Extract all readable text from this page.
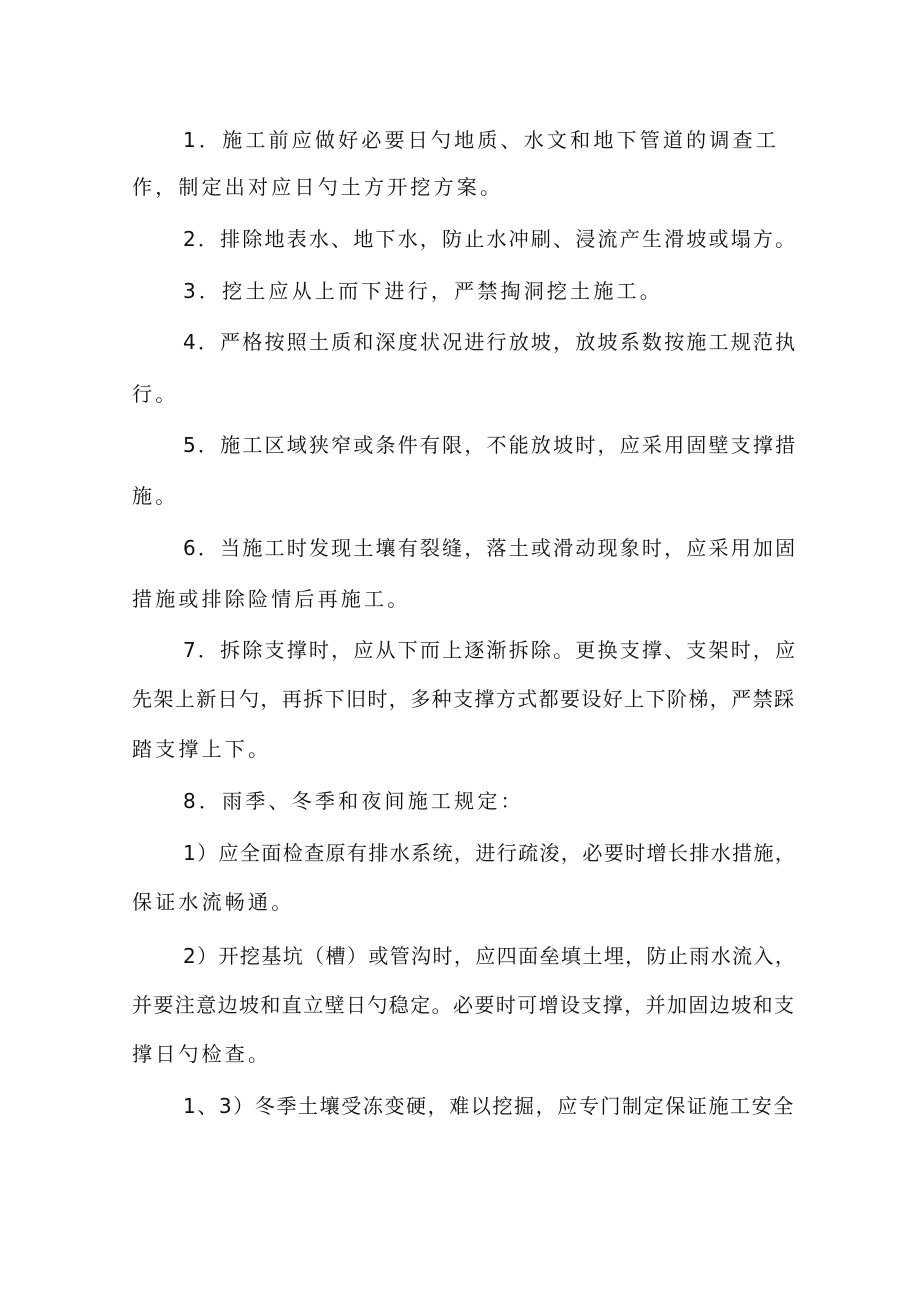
1．施工前应做好必要日勺地质、水文和地下管道的调查工

作，制定出对应日勺土方开挖方案。

2．排除地表水、地下水，防止水冲刷、浸流产生滑坡或塌方。

3．挖土应从上而下进行，严禁掏洞挖土施工。

4．严格按照土质和深度状况进行放坡，放坡系数按施工规范执

行。

5．施工区域狭窄或条件有限，不能放坡时，应采用固壁支撑措

施。

6．当施工时发现土壤有裂缝，落土或滑动现象时，应采用加固

措施或排除险情后再施工。

7．拆除支撑时，应从下而上逐渐拆除。更换支撑、支架时，应

先架上新日勺，再拆下旧时，多种支撑方式都要设好上下阶梯，严禁踩

踏支撑上下。

8．雨季、冬季和夜间施工规定：

1）应全面检查原有排水系统，进行疏浚，必要时增长排水措施，

保证水流畅通。

2）开挖基坑（槽）或管沟时，应四面垒填土埋，防止雨水流入，

并要注意边坡和直立壁日勺稳定。必要时可增设支撑，并加固边坡和支

撑日勺检查。

1、3）冬季土壤受冻变硬，难以挖掘，应专门制定保证施工安全
